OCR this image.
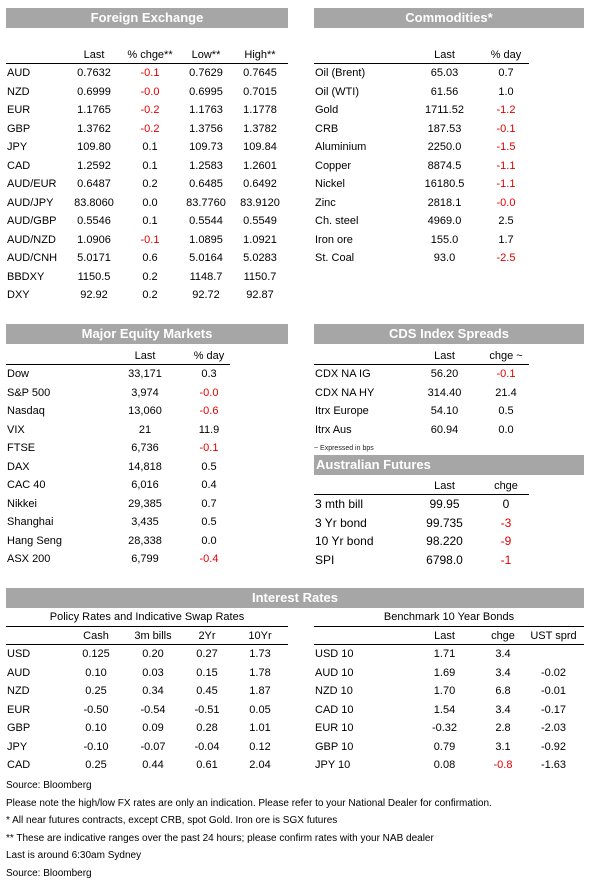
Foreign Exchange
	Last	% chge**	Low**	High**
AUD	0.7632	-0.1	0.7629	0.7645
NZD	0.6999	-0.0	0.6995	0.7015
EUR	1.1765	-0.2	1.1763	1.1778
GBP	1.3762	-0.2	1.3756	1.3782
JPY	109.80	0.1	109.73	109.84
CAD	1.2592	0.1	1.2583	1.2601
AUD/EUR	0.6487	0.2	0.6485	0.6492
AUD/JPY	83.8060	0.0	83.7760	83.9120
AUD/GBP	0.5546	0.1	0.5544	0.5549
AUD/NZD	1.0906	-0.1	1.0895	1.0921
AUD/CNH	5.0171	0.6	5.0164	5.0283
BBDXY	1150.5	0.2	1148.7	1150.7
DXY	92.92	0.2	92.72	92.87
Commodities*
	Last	% day
Oil (Brent)	65.03	0.7
Oil (WTI)	61.56	1.0
Gold	1711.52	-1.2
CRB	187.53	-0.1
Aluminium	2250.0	-1.5
Copper	8874.5	-1.1
Nickel	16180.5	-1.1
Zinc	2818.1	-0.0
Ch. steel	4969.0	2.5
Iron ore	155.0	1.7
St. Coal	93.0	-2.5
Major Equity Markets
	Last	% day
Dow	33,171	0.3
S&P 500	3,974	-0.0
Nasdaq	13,060	-0.6
VIX	21	11.9
FTSE	6,736	-0.1
DAX	14,818	0.5
CAC 40	6,016	0.4
Nikkei	29,385	0.7
Shanghai	3,435	0.5
Hang Seng	28,338	0.0
ASX 200	6,799	-0.4
CDS Index Spreads
	Last	chge ~
CDX NA IG	56.20	-0.1
CDX NA HY	314.40	21.4
Itrx Europe	54.10	0.5
Itrx Aus	60.94	0.0
~ Expressed in bps
Australian Futures
	Last	chge
3 mth bill	99.95	0
3 Yr bond	99.735	-3
10 Yr bond	98.220	-9
SPI	6798.0	-1
Interest Rates
Policy Rates and Indicative Swap Rates
	Cash	3m bills	2Yr	10Yr
USD	0.125	0.20	0.27	1.73
AUD	0.10	0.03	0.15	1.78
NZD	0.25	0.34	0.45	1.87
EUR	-0.50	-0.54	-0.51	0.05
GBP	0.10	0.09	0.28	1.01
JPY	-0.10	-0.07	-0.04	0.12
CAD	0.25	0.44	0.61	2.04
Benchmark 10 Year Bonds
	Last	chge	UST sprd
USD 10	1.71	3.4	
AUD 10	1.69	3.4	-0.02
NZD 10	1.70	6.8	-0.01
CAD 10	1.54	3.4	-0.17
EUR 10	-0.32	2.8	-2.03
GBP 10	0.79	3.1	-0.92
JPY 10	0.08	-0.8	-1.63

Source: Bloomberg

Please note the high/low FX rates are only an indication. Please refer to your National Dealer for confirmation.

* All near futures contracts, except CRB, spot Gold. Iron ore is SGX futures

** These are indicative ranges over the past 24 hours; please confirm rates with your NAB dealer

Last is around 6:30am Sydney

Source: Bloomberg
